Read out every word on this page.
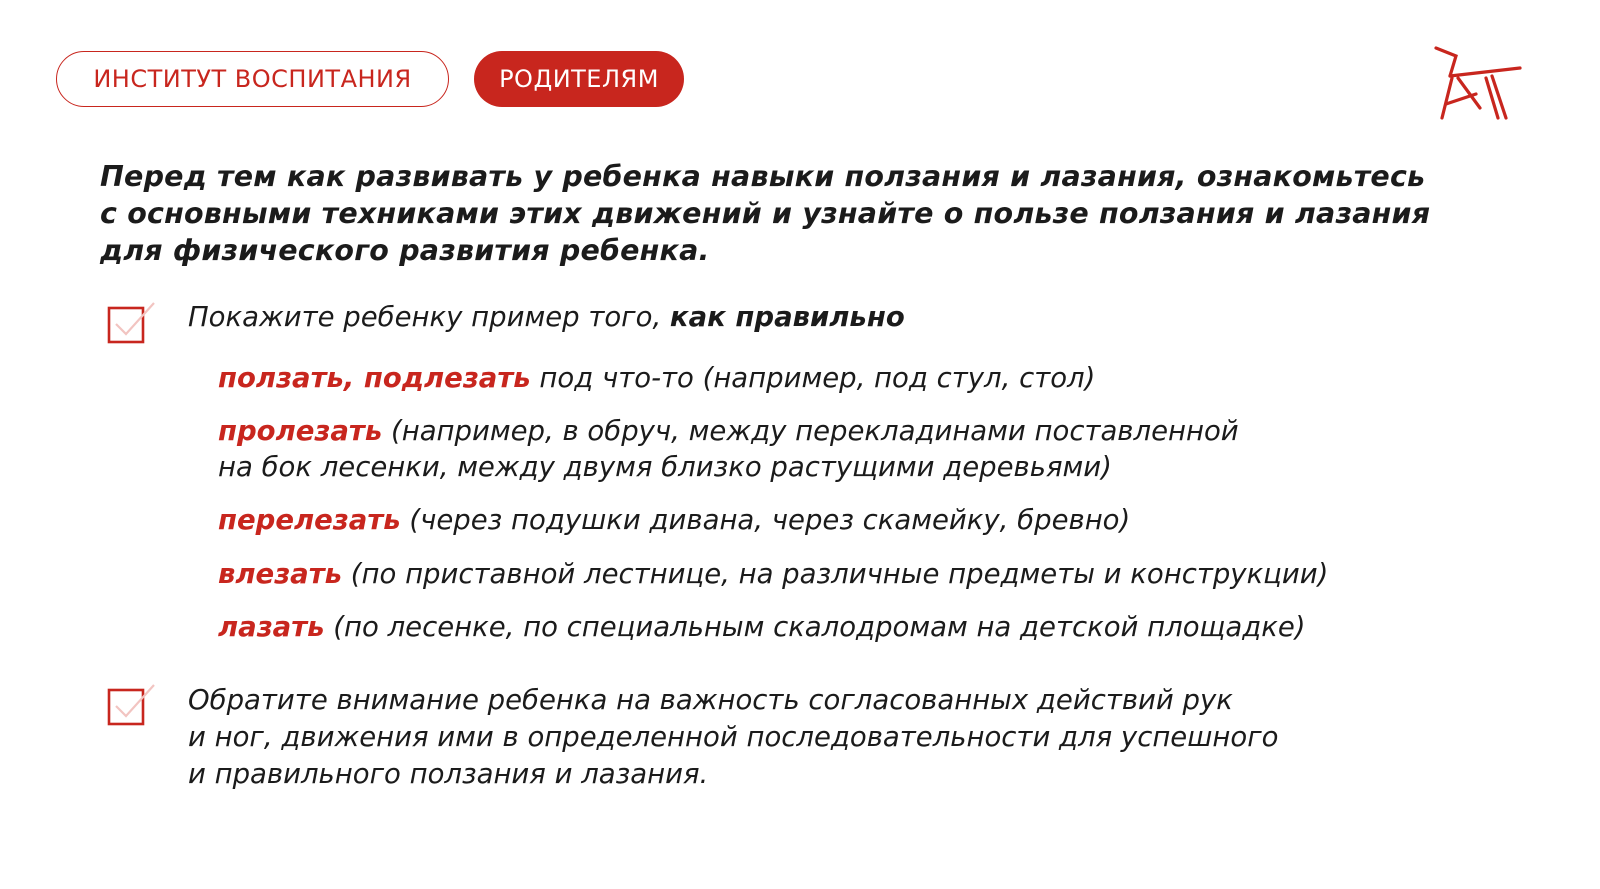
ИНСТИТУТ ВОСПИТАНИЯ	РОДИТЕЛЯМ

Перед тем как развивать у ребенка навыки ползания и лазания, ознакомьтесь
с основными техниками этих движений и узнайте о пользе ползания и лазания
для физического развития ребенка.

Покажите ребенку пример того, как правильно
ползать, подлезать под что-то (например, под стул, стол)
пролезать (например, в обруч, между перекладинами поставленной
на бок лесенки, между двумя близко растущими деревьями)
перелезать (через подушки дивана, через скамейку, бревно)
влезать (по приставной лестнице, на различные предметы и конструкции)
лазать (по лесенке, по специальным скалодромам на детской площадке)
Обратите внимание ребенка на важность согласованных действий рук
и ног, движения ими в определенной последовательности для успешного
и правильного ползания и лазания.
